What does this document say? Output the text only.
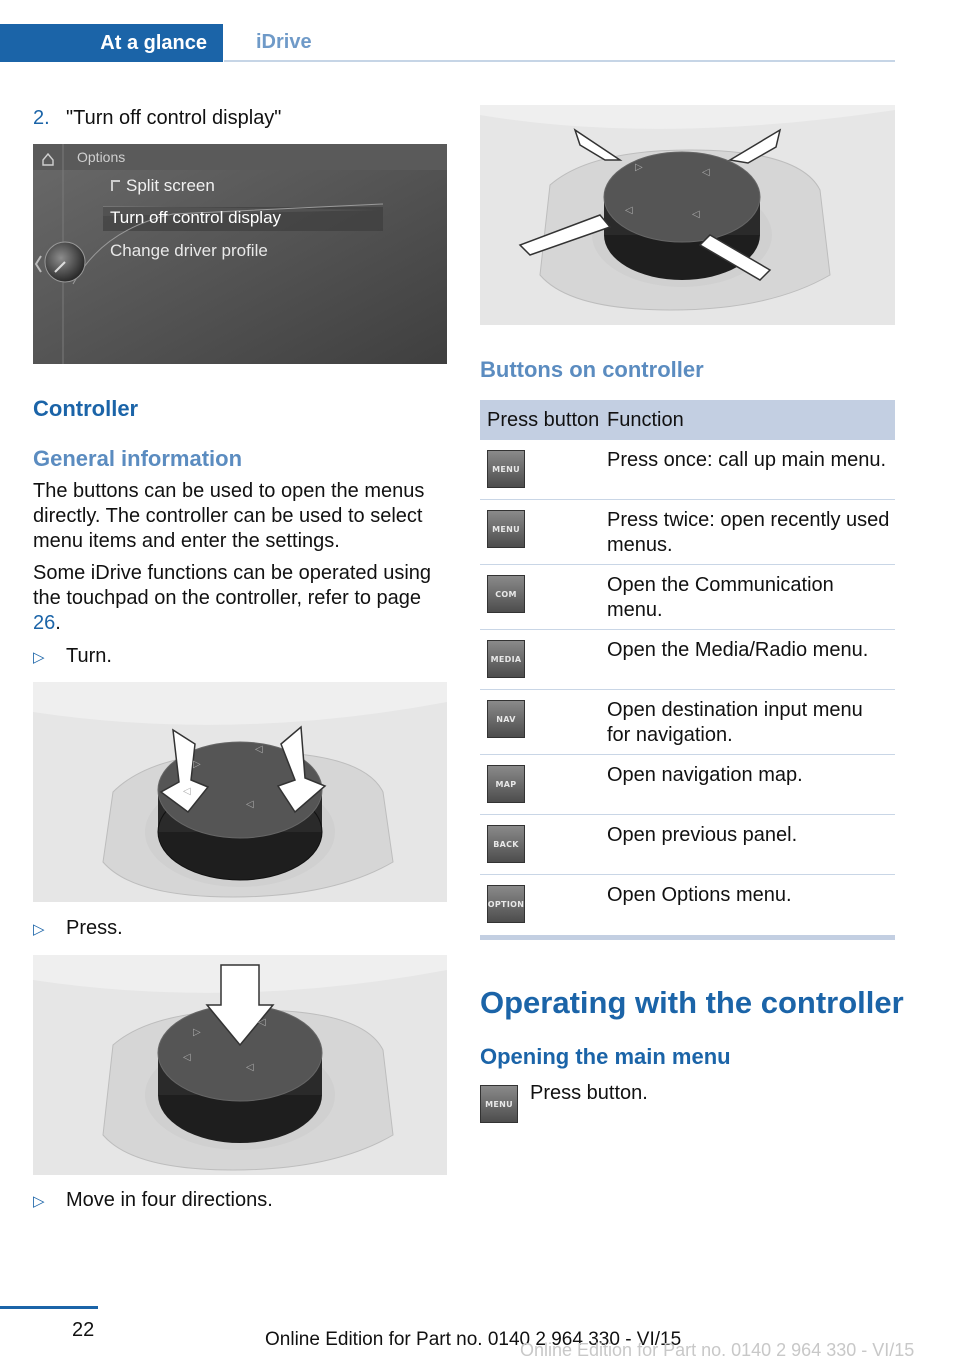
At a glance	iDrive
2. "Turn off control display"
Options
Split screen
Turn off control display
Change driver profile
Controller
General information
The buttons can be used to open the menus directly. The controller can be used to select menu items and enter the settings.
Some iDrive functions can be operated using the touchpad on the controller, refer to page 26.
▷ Turn.
▷
◁
◁
◁
▷ Press.
▷
◁
◁
◁
▷ Move in four directions.
▷	◁
◁	◁
Buttons on controller
Press button Function
MENU	Press once: call up main menu.
MENU	Press twice: open recently used menus.
COM	Open the Communication menu.
MEDIA	Open the Media/Radio menu.
NAV	Open destination input menu for navigation.
MAP	Open navigation map.
BACK	Open previous panel.
OPTION	Open Options menu.
Operating with the controller
Opening the main menu
MENU Press button.
22	Online Edition for Part no. 0140 2 964 330 - VI/15
Online Edition for Part no. 0140 2 964 330 - VI/15
